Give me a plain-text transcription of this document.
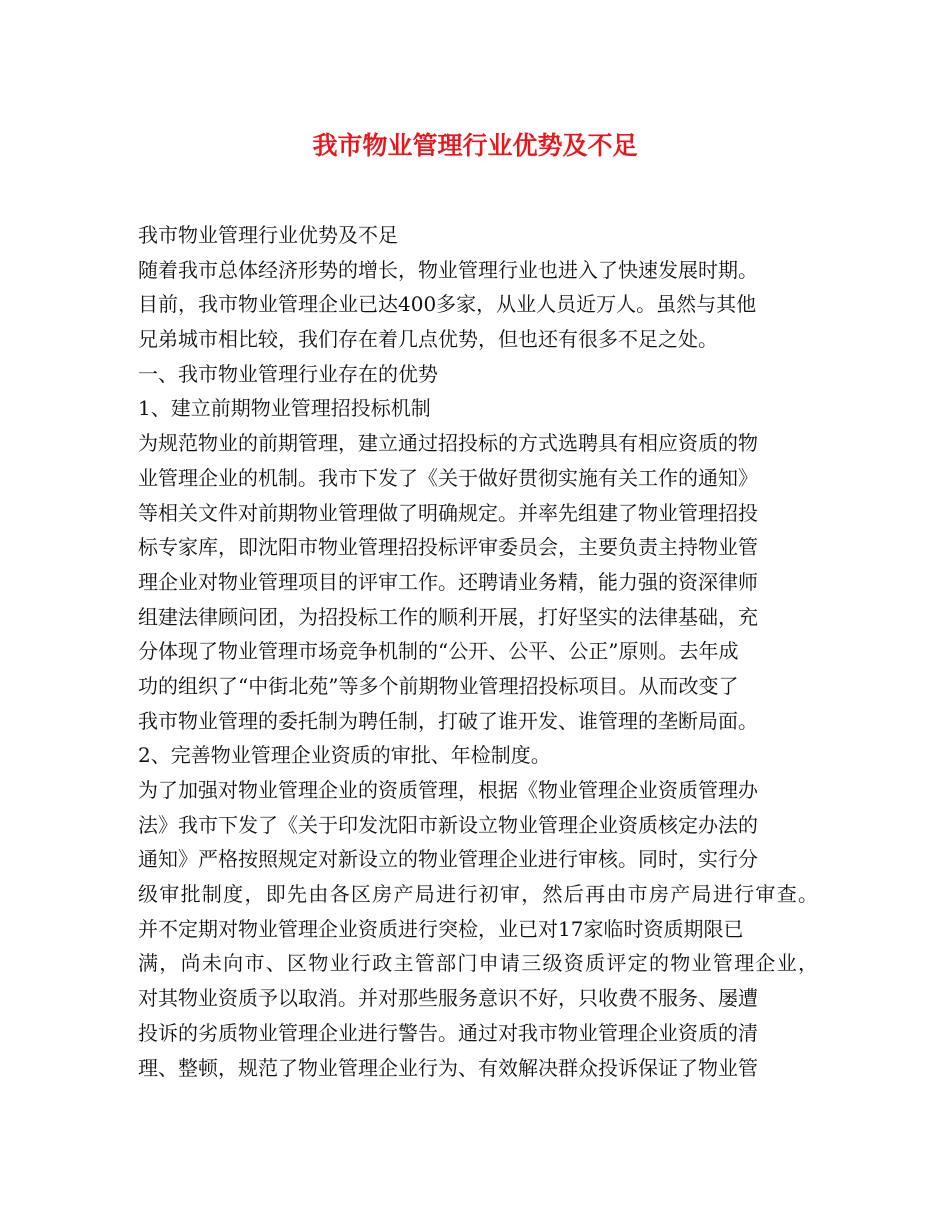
我市物业管理行业优势及不足
我市物业管理行业优势及不足
随着我市总体经济形势的增长，物业管理行业也进入了快速发展时期。
目前，我市物业管理企业已达400多家，从业人员近万人。虽然与其他
兄弟城市相比较，我们存在着几点优势，但也还有很多不足之处。
一、我市物业管理行业存在的优势
1、建立前期物业管理招投标机制
为规范物业的前期管理，建立通过招投标的方式选聘具有相应资质的物
业管理企业的机制。我市下发了《关于做好贯彻实施有关工作的通知》
等相关文件对前期物业管理做了明确规定。并率先组建了物业管理招投
标专家库，即沈阳市物业管理招投标评审委员会，主要负责主持物业管
理企业对物业管理项目的评审工作。还聘请业务精，能力强的资深律师
组建法律顾问团，为招投标工作的顺利开展，打好坚实的法律基础，充
分体现了物业管理市场竞争机制的“公开、公平、公正”原则。去年成
功的组织了“中街北苑”等多个前期物业管理招投标项目。从而改变了
我市物业管理的委托制为聘任制，打破了谁开发、谁管理的垄断局面。
2、完善物业管理企业资质的审批、年检制度。
为了加强对物业管理企业的资质管理，根据《物业管理企业资质管理办
法》我市下发了《关于印发沈阳市新设立物业管理企业资质核定办法的
通知》严格按照规定对新设立的物业管理企业进行审核。同时，实行分
级审批制度，即先由各区房产局进行初审，然后再由市房产局进行审查。
并不定期对物业管理企业资质进行突检，业已对17家临时资质期限已
满，尚未向市、区物业行政主管部门申请三级资质评定的物业管理企业，
对其物业资质予以取消。并对那些服务意识不好，只收费不服务、屡遭
投诉的劣质物业管理企业进行警告。通过对我市物业管理企业资质的清
理、整顿，规范了物业管理企业行为、有效解决群众投诉保证了物业管
